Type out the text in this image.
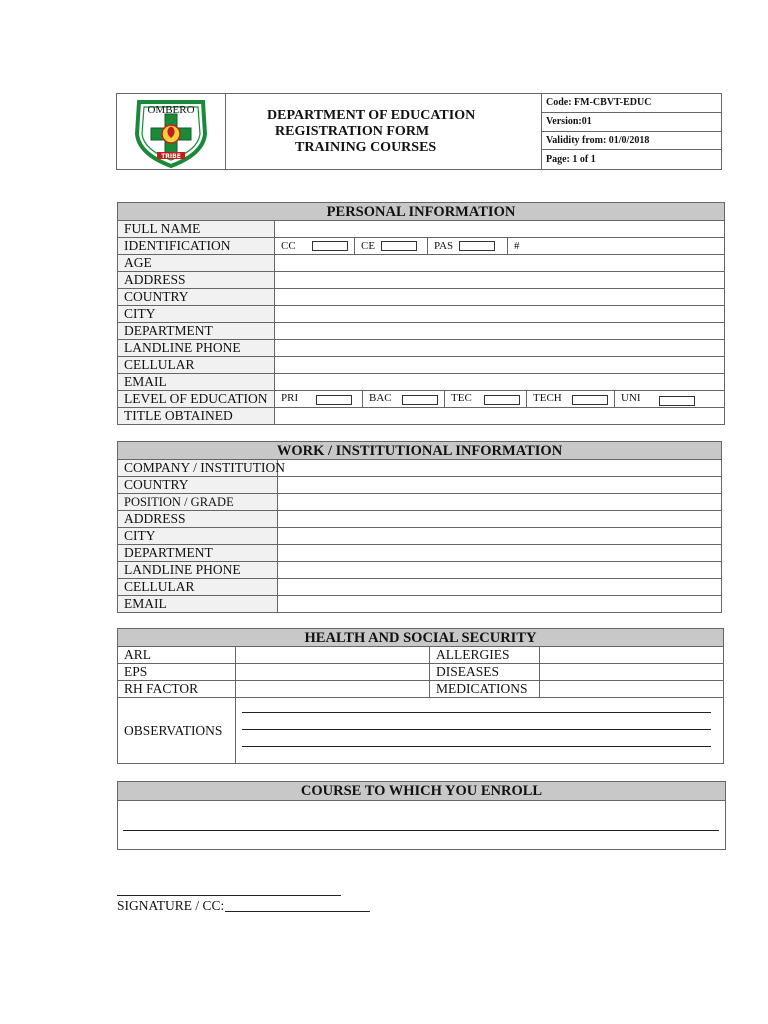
TRIBE
OMBERO	DEPARTMENT OF EDUCATION
REGISTRATION FORM
TRAINING COURSES
Code: FM-CBVT-EDUC
Version:01
Validity from: 01/0/2018
Page: 1 of 1
PERSONAL INFORMATION	
FULL NAME	
IDENTIFICATION	CC CE PAS #

AGE	
ADDRESS	
COUNTRY	
CITY	
DEPARTMENT	
LANDLINE PHONE	
CELLULAR	
EMAIL	
LEVEL OF EDUCATION	PRI BAC TEC TECH UNI

TITLE OBTAINED	
WORK / INSTITUTIONAL INFORMATION	
COMPANY / INSTITUTION	
COUNTRY	
POSITION / GRADE	
ADDRESS	
CITY	
DEPARTMENT	
LANDLINE PHONE	
CELLULAR	
EMAIL	
HEALTH AND SOCIAL SECURITY			
ARL		ALLERGIES	
EPS		DISEASES	
RH FACTOR		MEDICATIONS	
OBSERVATIONS			
COURSE TO WHICH YOU ENROLL

SIGNATURE / CC:
